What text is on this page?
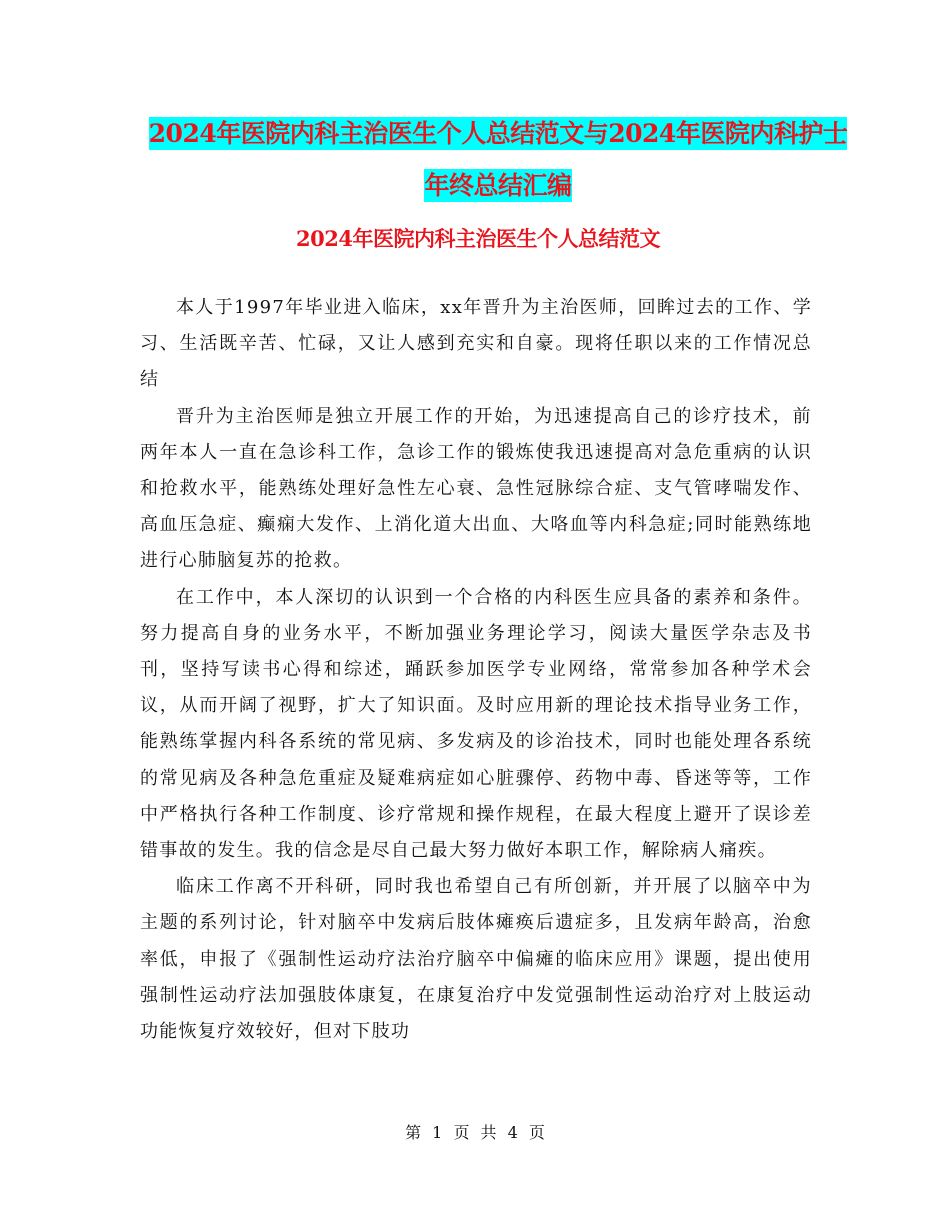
2024年医院内科主治医生个人总结范文与2024年医院内科护士年终总结汇编
2024年医院内科主治医生个人总结范文

本人于1997年毕业进入临床，xx年晋升为主治医师，回眸过去的工作、学习、生活既辛苦、忙碌，又让人感到充实和自豪。现将任职以来的工作情况总结

晋升为主治医师是独立开展工作的开始，为迅速提高自己的诊疗技术，前两年本人一直在急诊科工作，急诊工作的锻炼使我迅速提高对急危重病的认识和抢救水平，能熟练处理好急性左心衰、急性冠脉综合症、支气管哮喘发作、高血压急症、癫痫大发作、上消化道大出血、大咯血等内科急症;同时能熟练地进行心肺脑复苏的抢救。

在工作中，本人深切的认识到一个合格的内科医生应具备的素养和条件。努力提高自身的业务水平，不断加强业务理论学习，阅读大量医学杂志及书刊，坚持写读书心得和综述，踊跃参加医学专业网络，常常参加各种学术会议，从而开阔了视野，扩大了知识面。及时应用新的理论技术指导业务工作，能熟练掌握内科各系统的常见病、多发病及的诊治技术，同时也能处理各系统的常见病及各种急危重症及疑难病症如心脏骤停、药物中毒、昏迷等等，工作中严格执行各种工作制度、诊疗常规和操作规程，在最大程度上避开了误诊差错事故的发生。我的信念是尽自己最大努力做好本职工作，解除病人痛疾。

临床工作离不开科研，同时我也希望自己有所创新，并开展了以脑卒中为主题的系列讨论，针对脑卒中发病后肢体瘫痪后遗症多，且发病年龄高，治愈率低，申报了《强制性运动疗法治疗脑卒中偏瘫的临床应用》课题，提出使用强制性运动疗法加强肢体康复，在康复治疗中发觉强制性运动治疗对上肢运动功能恢复疗效较好，但对下肢功

第 1 页 共 4 页
